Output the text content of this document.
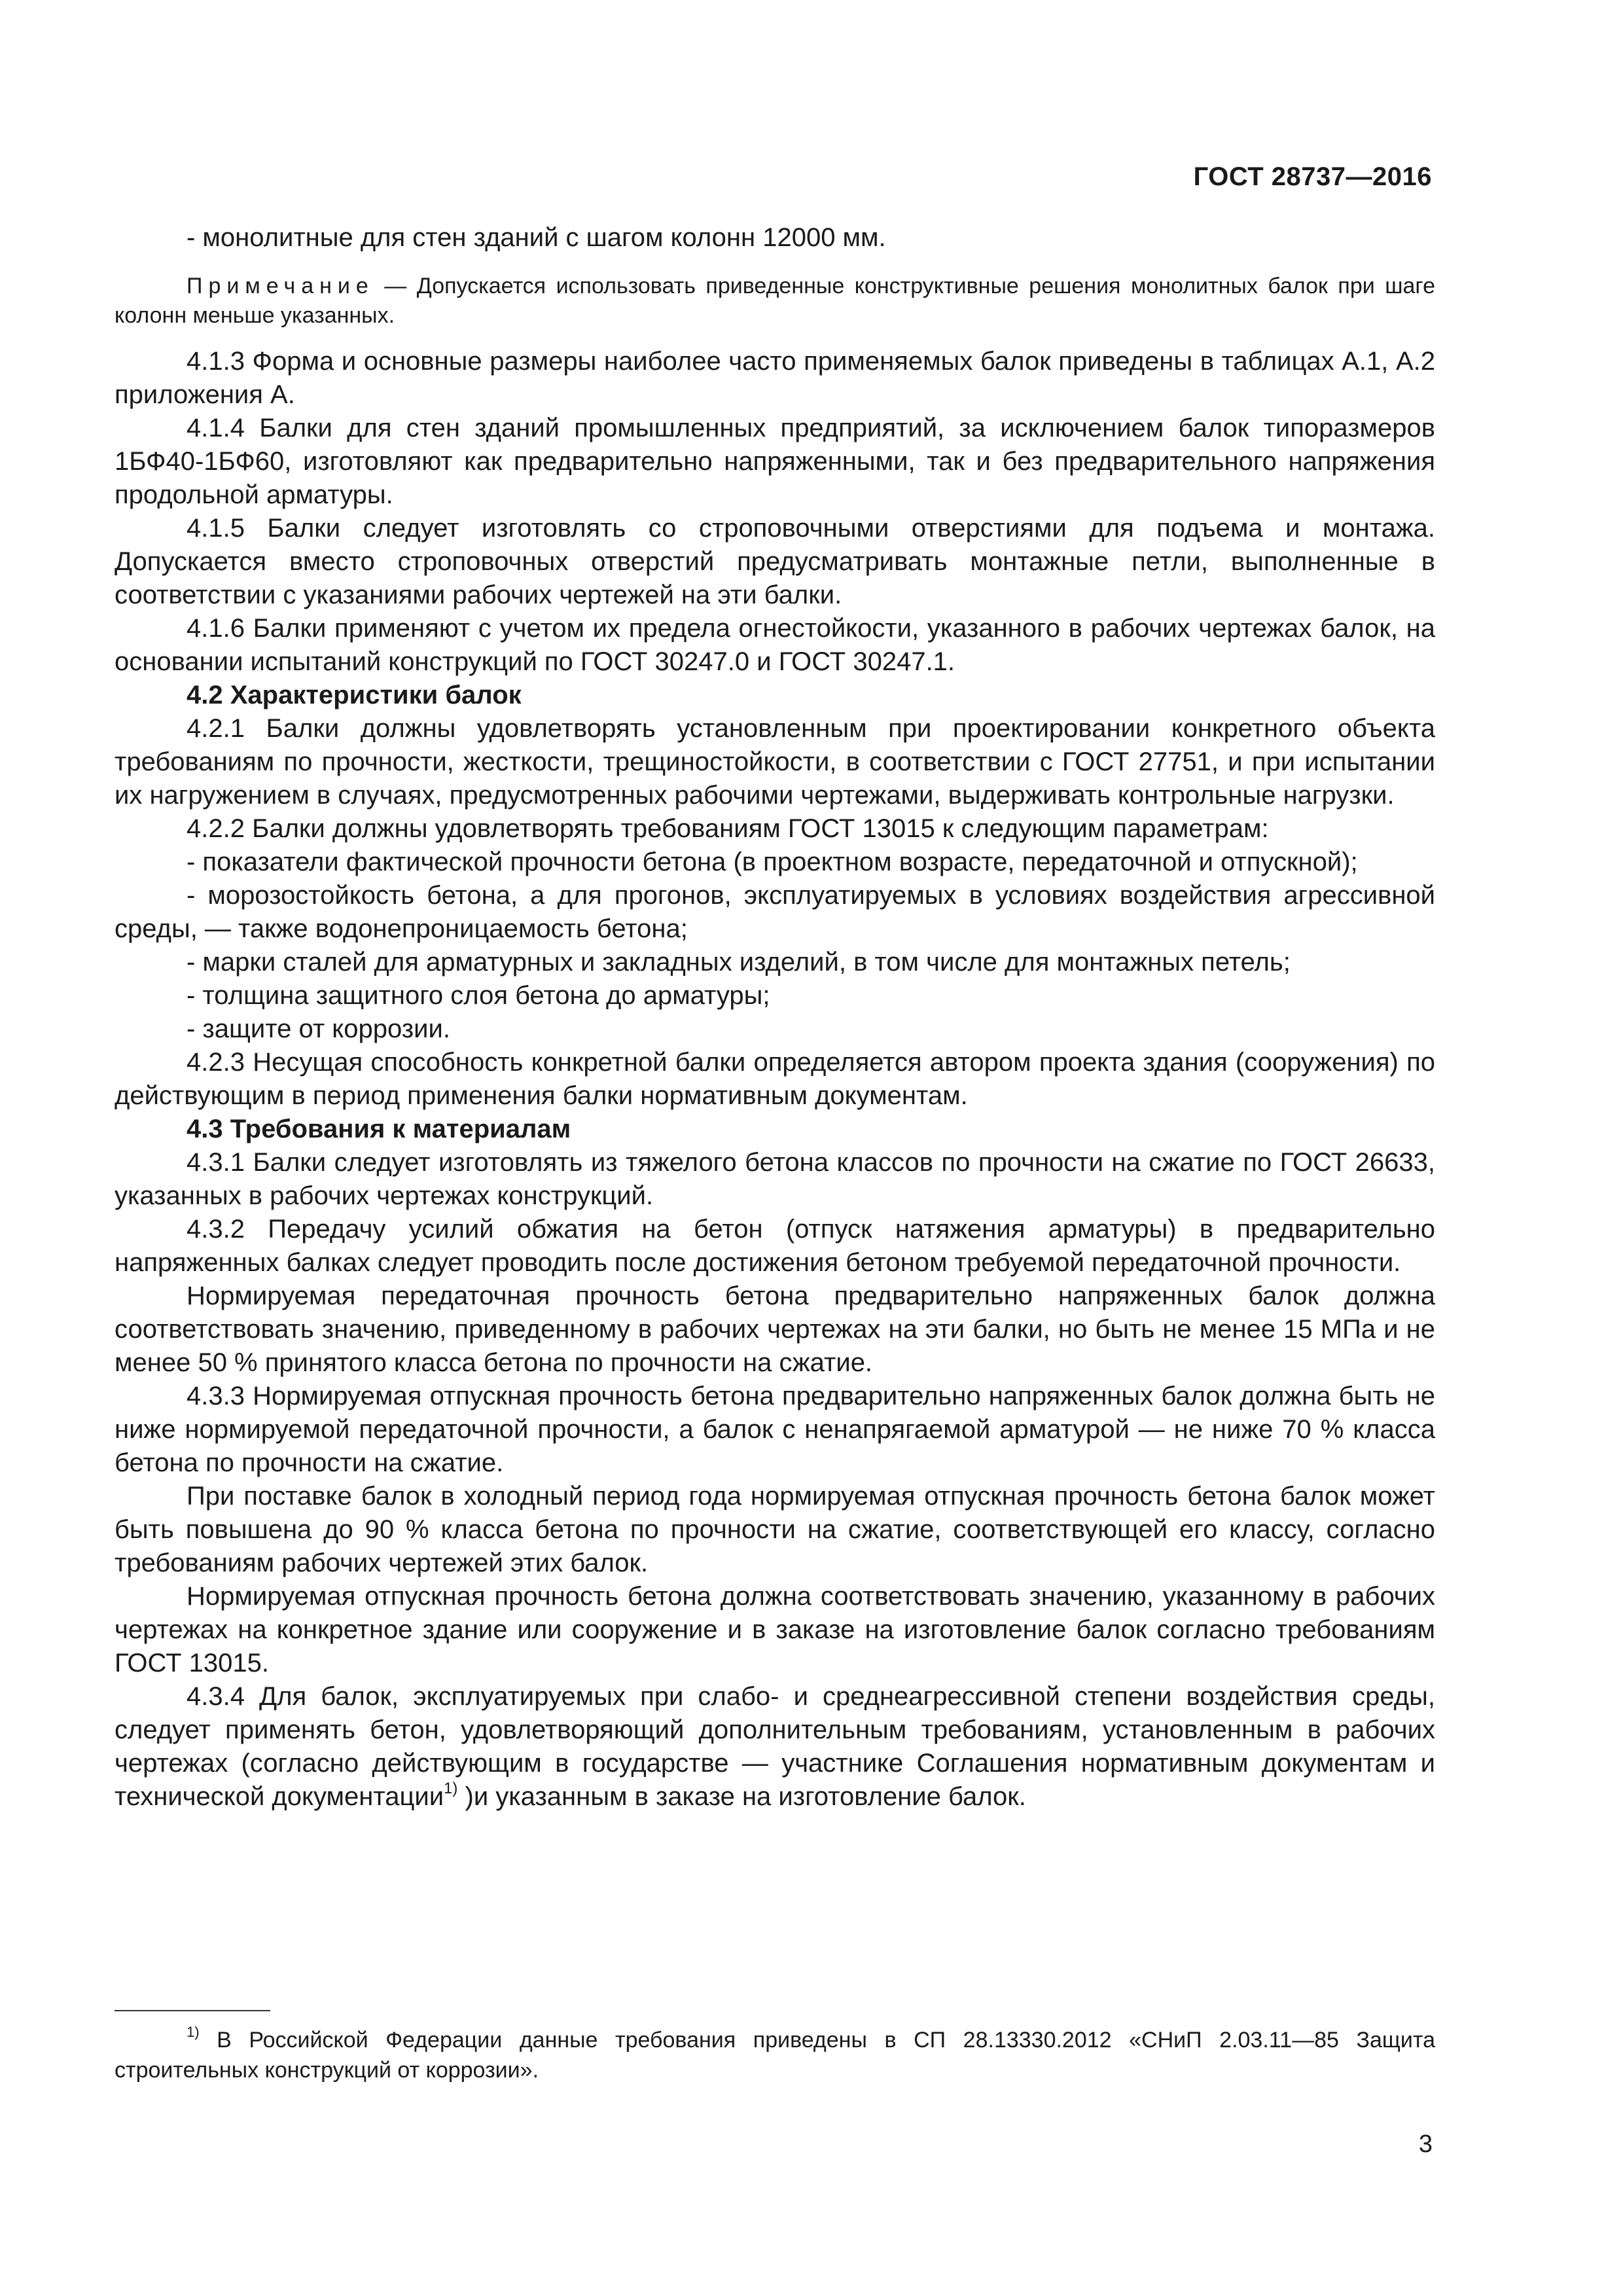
ГОСТ 28737—2016

- монолитные для стен зданий с шагом колонн 12000 мм.

Примечание — Допускается использовать приведенные конструктивные решения монолитных балок при шаге колонн меньше указанных.

4.1.3 Форма и основные размеры наиболее часто применяемых балок приведены в таблицах А.1, А.2 приложения А.

4.1.4 Балки для стен зданий промышленных предприятий, за исключением балок типоразмеров 1БФ40-1БФ60, изготовляют как предварительно напряженными, так и без предварительного напряжения продольной арматуры.

4.1.5 Балки следует изготовлять со строповочными отверстиями для подъема и монтажа. Допускается вместо строповочных отверстий предусматривать монтажные петли, выполненные в соответствии с указаниями рабочих чертежей на эти балки.

4.1.6 Балки применяют с учетом их предела огнестойкости, указанного в рабочих чертежах балок, на основании испытаний конструкций по ГОСТ 30247.0 и ГОСТ 30247.1.

4.2 Характеристики балок

4.2.1 Балки должны удовлетворять установленным при проектировании конкретного объекта требованиям по прочности, жесткости, трещиностойкости, в соответствии с ГОСТ 27751, и при испытании их нагружением в случаях, предусмотренных рабочими чертежами, выдерживать контрольные нагрузки.

4.2.2 Балки должны удовлетворять требованиям ГОСТ 13015 к следующим параметрам:

- показатели фактической прочности бетона (в проектном возрасте, передаточной и отпускной);

- морозостойкость бетона, а для прогонов, эксплуатируемых в условиях воздействия агрессивной среды, — также водонепроницаемость бетона;

- марки сталей для арматурных и закладных изделий, в том числе для монтажных петель;

- толщина защитного слоя бетона до арматуры;

- защите от коррозии.

4.2.3 Несущая способность конкретной балки определяется автором проекта здания (сооружения) по действующим в период применения балки нормативным документам.

4.3 Требования к материалам

4.3.1 Балки следует изготовлять из тяжелого бетона классов по прочности на сжатие по ГОСТ 26633, указанных в рабочих чертежах конструкций.

4.3.2 Передачу усилий обжатия на бетон (отпуск натяжения арматуры) в предварительно напряженных балках следует проводить после достижения бетоном требуемой передаточной прочности.

Нормируемая передаточная прочность бетона предварительно напряженных балок должна соответствовать значению, приведенному в рабочих чертежах на эти балки, но быть не менее 15 МПа и не менее 50 % принятого класса бетона по прочности на сжатие.

4.3.3 Нормируемая отпускная прочность бетона предварительно напряженных балок должна быть не ниже нормируемой передаточной прочности, а балок с ненапрягаемой арматурой — не ниже 70 % класса бетона по прочности на сжатие.

При поставке балок в холодный период года нормируемая отпускная прочность бетона балок может быть повышена до 90 % класса бетона по прочности на сжатие, соответствующей его классу, согласно требованиям рабочих чертежей этих балок.

Нормируемая отпускная прочность бетона должна соответствовать значению, указанному в рабочих чертежах на конкретное здание или сооружение и в заказе на изготовление балок согласно требованиям ГОСТ 13015.

4.3.4 Для балок, эксплуатируемых при слабо- и среднеагрессивной степени воздействия среды, следует применять бетон, удовлетворяющий дополнительным требованиям, установленным в рабочих чертежах (согласно действующим в государстве — участнике Соглашения нормативным документам и технической документации$^{1)}$ )и указанным в заказе на изготовление балок.

$^{1)}$ В Российской Федерации данные требования приведены в СП 28.13330.2012 «СНиП 2.03.11—85 Защита строительных конструкций от коррозии».
3
